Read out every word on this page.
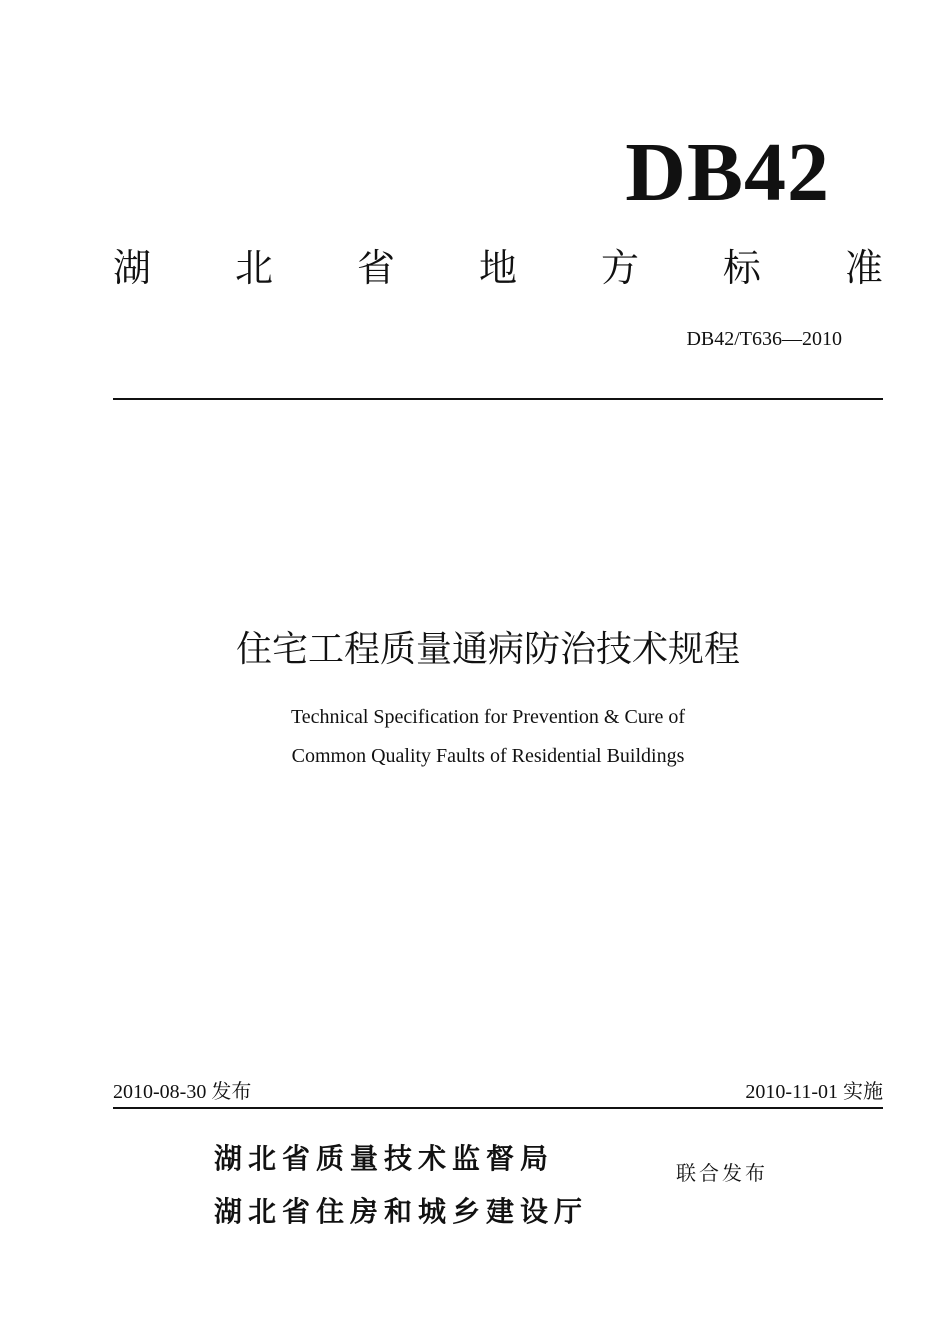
DB42
湖 北 省 地 方 标 准
DB42/T636—2010
住宅工程质量通病防治技术规程
Technical Specification for Prevention & Cure of
Common Quality Faults of Residential Buildings
2010-08-30 发布	2010-11-01 实施
湖北省质量技术监督局
湖北省住房和城乡建设厅
联合发布
